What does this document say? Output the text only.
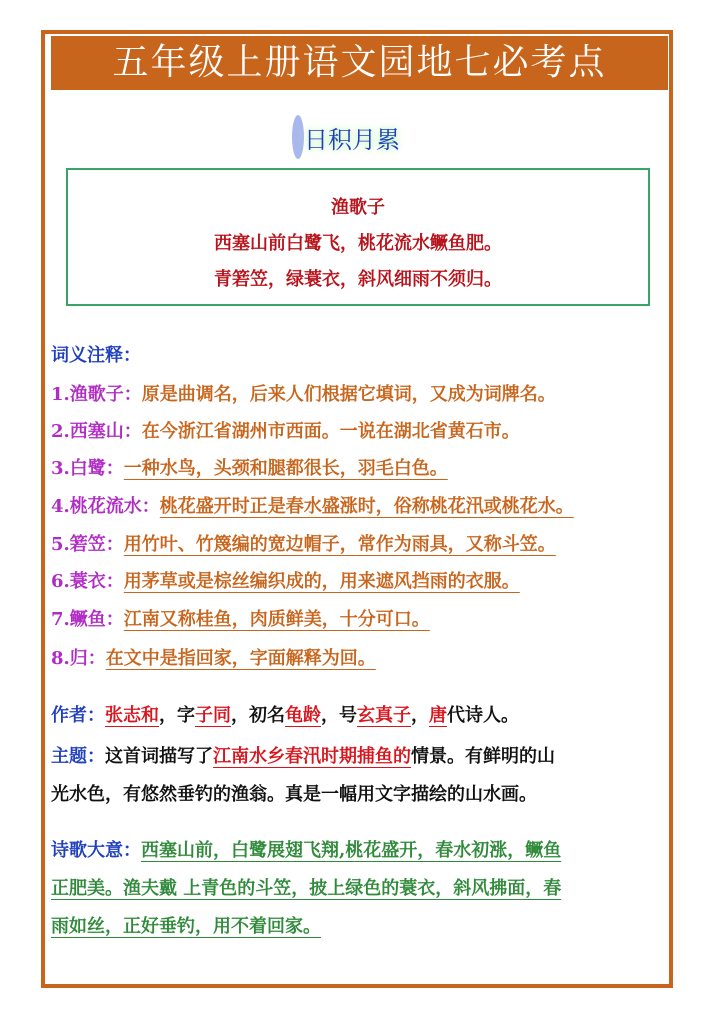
五年级上册语文园地七必考点
日积月累
渔歌子
西塞山前白鹭飞，桃花流水鳜鱼肥。
青箬笠，绿蓑衣，斜风细雨不须归。
词义注释：
1.渔歌子：原是曲调名，后来人们根据它填词，又成为词牌名。
2.西塞山：在今浙江省湖州市西面。一说在湖北省黄石市。
3.白鹭：一种水鸟，头颈和腿都很长，羽毛白色。
4.桃花流水：桃花盛开时正是春水盛涨时，俗称桃花汛或桃花水。
5.箬笠：用竹叶、竹篾编的宽边帽子，常作为雨具，又称斗笠。
6.蓑衣：用茅草或是棕丝编织成的，用来遮风挡雨的衣服。
7.鳜鱼：江南又称桂鱼，肉质鲜美，十分可口。
8.归：在文中是指回家，字面解释为回。
作者：张志和，字子同，初名龟龄，号玄真子，唐代诗人。
主题：这首词描写了江南水乡春汛时期捕鱼的情景。有鲜明的山
光水色，有悠然垂钓的渔翁。真是一幅用文字描绘的山水画。
诗歌大意：西塞山前，白鹭展翅飞翔,桃花盛开，春水初涨，鳜鱼
正肥美。渔夫戴 上青色的斗笠，披上绿色的蓑衣，斜风拂面，春
雨如丝，正好垂钓，用不着回家。
